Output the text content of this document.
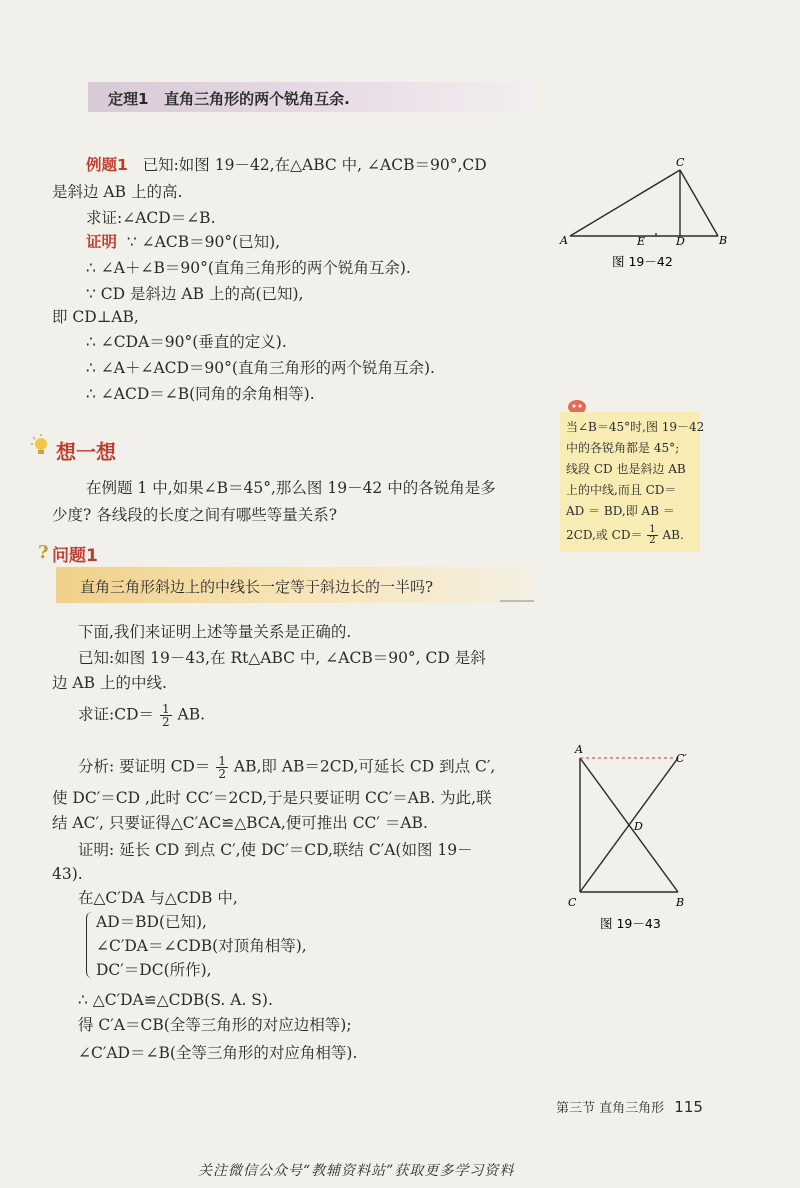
定理1 直角三角形的两个锐角互余.
例题1 已知:如图 19－42,在△ABC 中, ∠ACB＝90°,CD
是斜边 AB 上的高.
求证:∠ACD＝∠B.
证明 ∵ ∠ACB＝90°(已知),
∴ ∠A＋∠B＝90°(直角三角形的两个锐角互余).
∵ CD 是斜边 AB 上的高(已知),
即 CD⊥AB,
∴ ∠CDA＝90°(垂直的定义).
∴ ∠A＋∠ACD＝90°(直角三角形的两个锐角互余).
∴ ∠ACD＝∠B(同角的余角相等).
C
A	E	D	B
图 19－42
想一想
在例题 1 中,如果∠B＝45°,那么图 19－42 中的各锐角是多
少度? 各线段的长度之间有哪些等量关系?
当∠B＝45°时,图 19－42
中的各锐角都是 45°;
线段 CD 也是斜边 AB
上的中线,而且 CD＝
AD ＝ BD,即 AB ＝
2CD,或 $CD= \frac{1}{2}$ AB.
? 问题1
直角三角形斜边上的中线长一定等于斜边长的一半吗?
下面,我们来证明上述等量关系是正确的.
已知:如图 19－43,在 Rt△ABC 中, ∠ACB＝90°, CD 是斜
边 AB 上的中线.
求证:CD＝ $\frac{1}{2}$ AB.
分析: 要证明 $CD= \frac{1}{2}$ AB,即 AB＝2CD,可延长 CD 到点 C′,
使 DC′＝CD ,此时 CC′＝2CD,于是只要证明 CC′＝AB. 为此,联
结 AC′, 只要证得△C′AC≌△BCA,便可推出 CC′ ＝AB.
证明: 延长 CD 到点 C′,使 DC′＝CD,联结 C′A(如图 19－
43).
在△C′DA 与△CDB 中,
AD＝BD(已知),
∠C′DA＝∠CDB(对顶角相等),
DC′＝DC(所作),
∴ △C′DA≌△CDB(S. A. S).
得 C′A＝CB(全等三角形的对应边相等);
∠C′AD＝∠B(全等三角形的对应角相等).
A
C′
D
C	B
图 19－43
第三节 直角三角形 115
关注微信公众号“教辅资料站”获取更多学习资料
